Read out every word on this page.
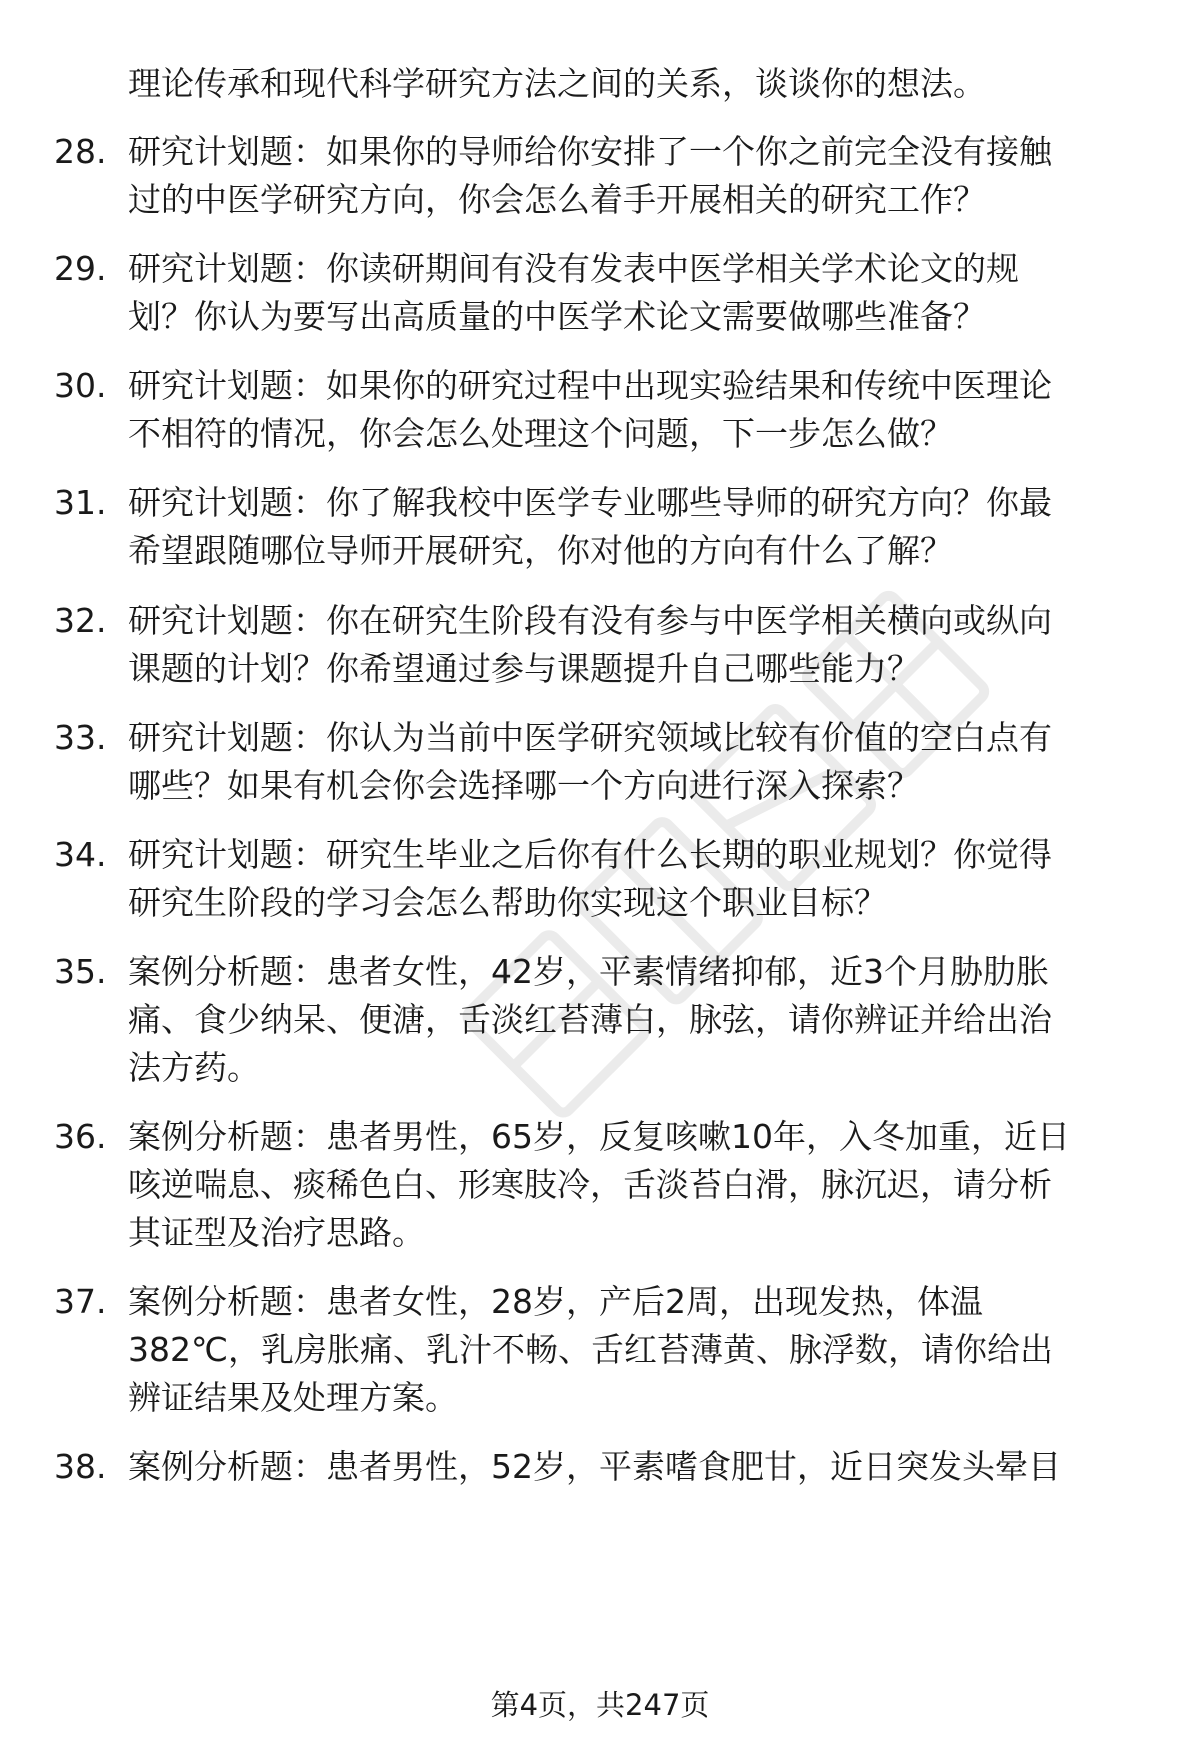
理论传承和现代科学研究方法之间的关系，谈谈你的想法。
28. 研究计划题：如果你的导师给你安排了一个你之前完全没有接触
过的中医学研究方向，你会怎么着手开展相关的研究工作？
29. 研究计划题：你读研期间有没有发表中医学相关学术论文的规
划？你认为要写出高质量的中医学术论文需要做哪些准备？
30. 研究计划题：如果你的研究过程中出现实验结果和传统中医理论
不相符的情况，你会怎么处理这个问题，下一步怎么做？
31. 研究计划题：你了解我校中医学专业哪些导师的研究方向？你最
希望跟随哪位导师开展研究，你对他的方向有什么了解？
32. 研究计划题：你在研究生阶段有没有参与中医学相关横向或纵向
课题的计划？你希望通过参与课题提升自己哪些能力？
33. 研究计划题：你认为当前中医学研究领域比较有价值的空白点有
哪些？如果有机会你会选择哪一个方向进行深入探索？
34. 研究计划题：研究生毕业之后你有什么长期的职业规划？你觉得
研究生阶段的学习会怎么帮助你实现这个职业目标？
35. 案例分析题：患者女性，42岁，平素情绪抑郁，近3个月胁肋胀
痛、食少纳呆、便溏，舌淡红苔薄白，脉弦，请你辨证并给出治
法方药。
36. 案例分析题：患者男性，65岁，反复咳嗽10年，入冬加重，近日
咳逆喘息、痰稀色白、形寒肢冷，舌淡苔白滑，脉沉迟，请分析
其证型及治疗思路。
37. 案例分析题：患者女性，28岁，产后2周，出现发热，体温
382℃，乳房胀痛、乳汁不畅、舌红苔薄黄、脉浮数，请你给出
辨证结果及处理方案。
38. 案例分析题：患者男性，52岁，平素嗜食肥甘，近日突发头晕目
第4页，共247页
